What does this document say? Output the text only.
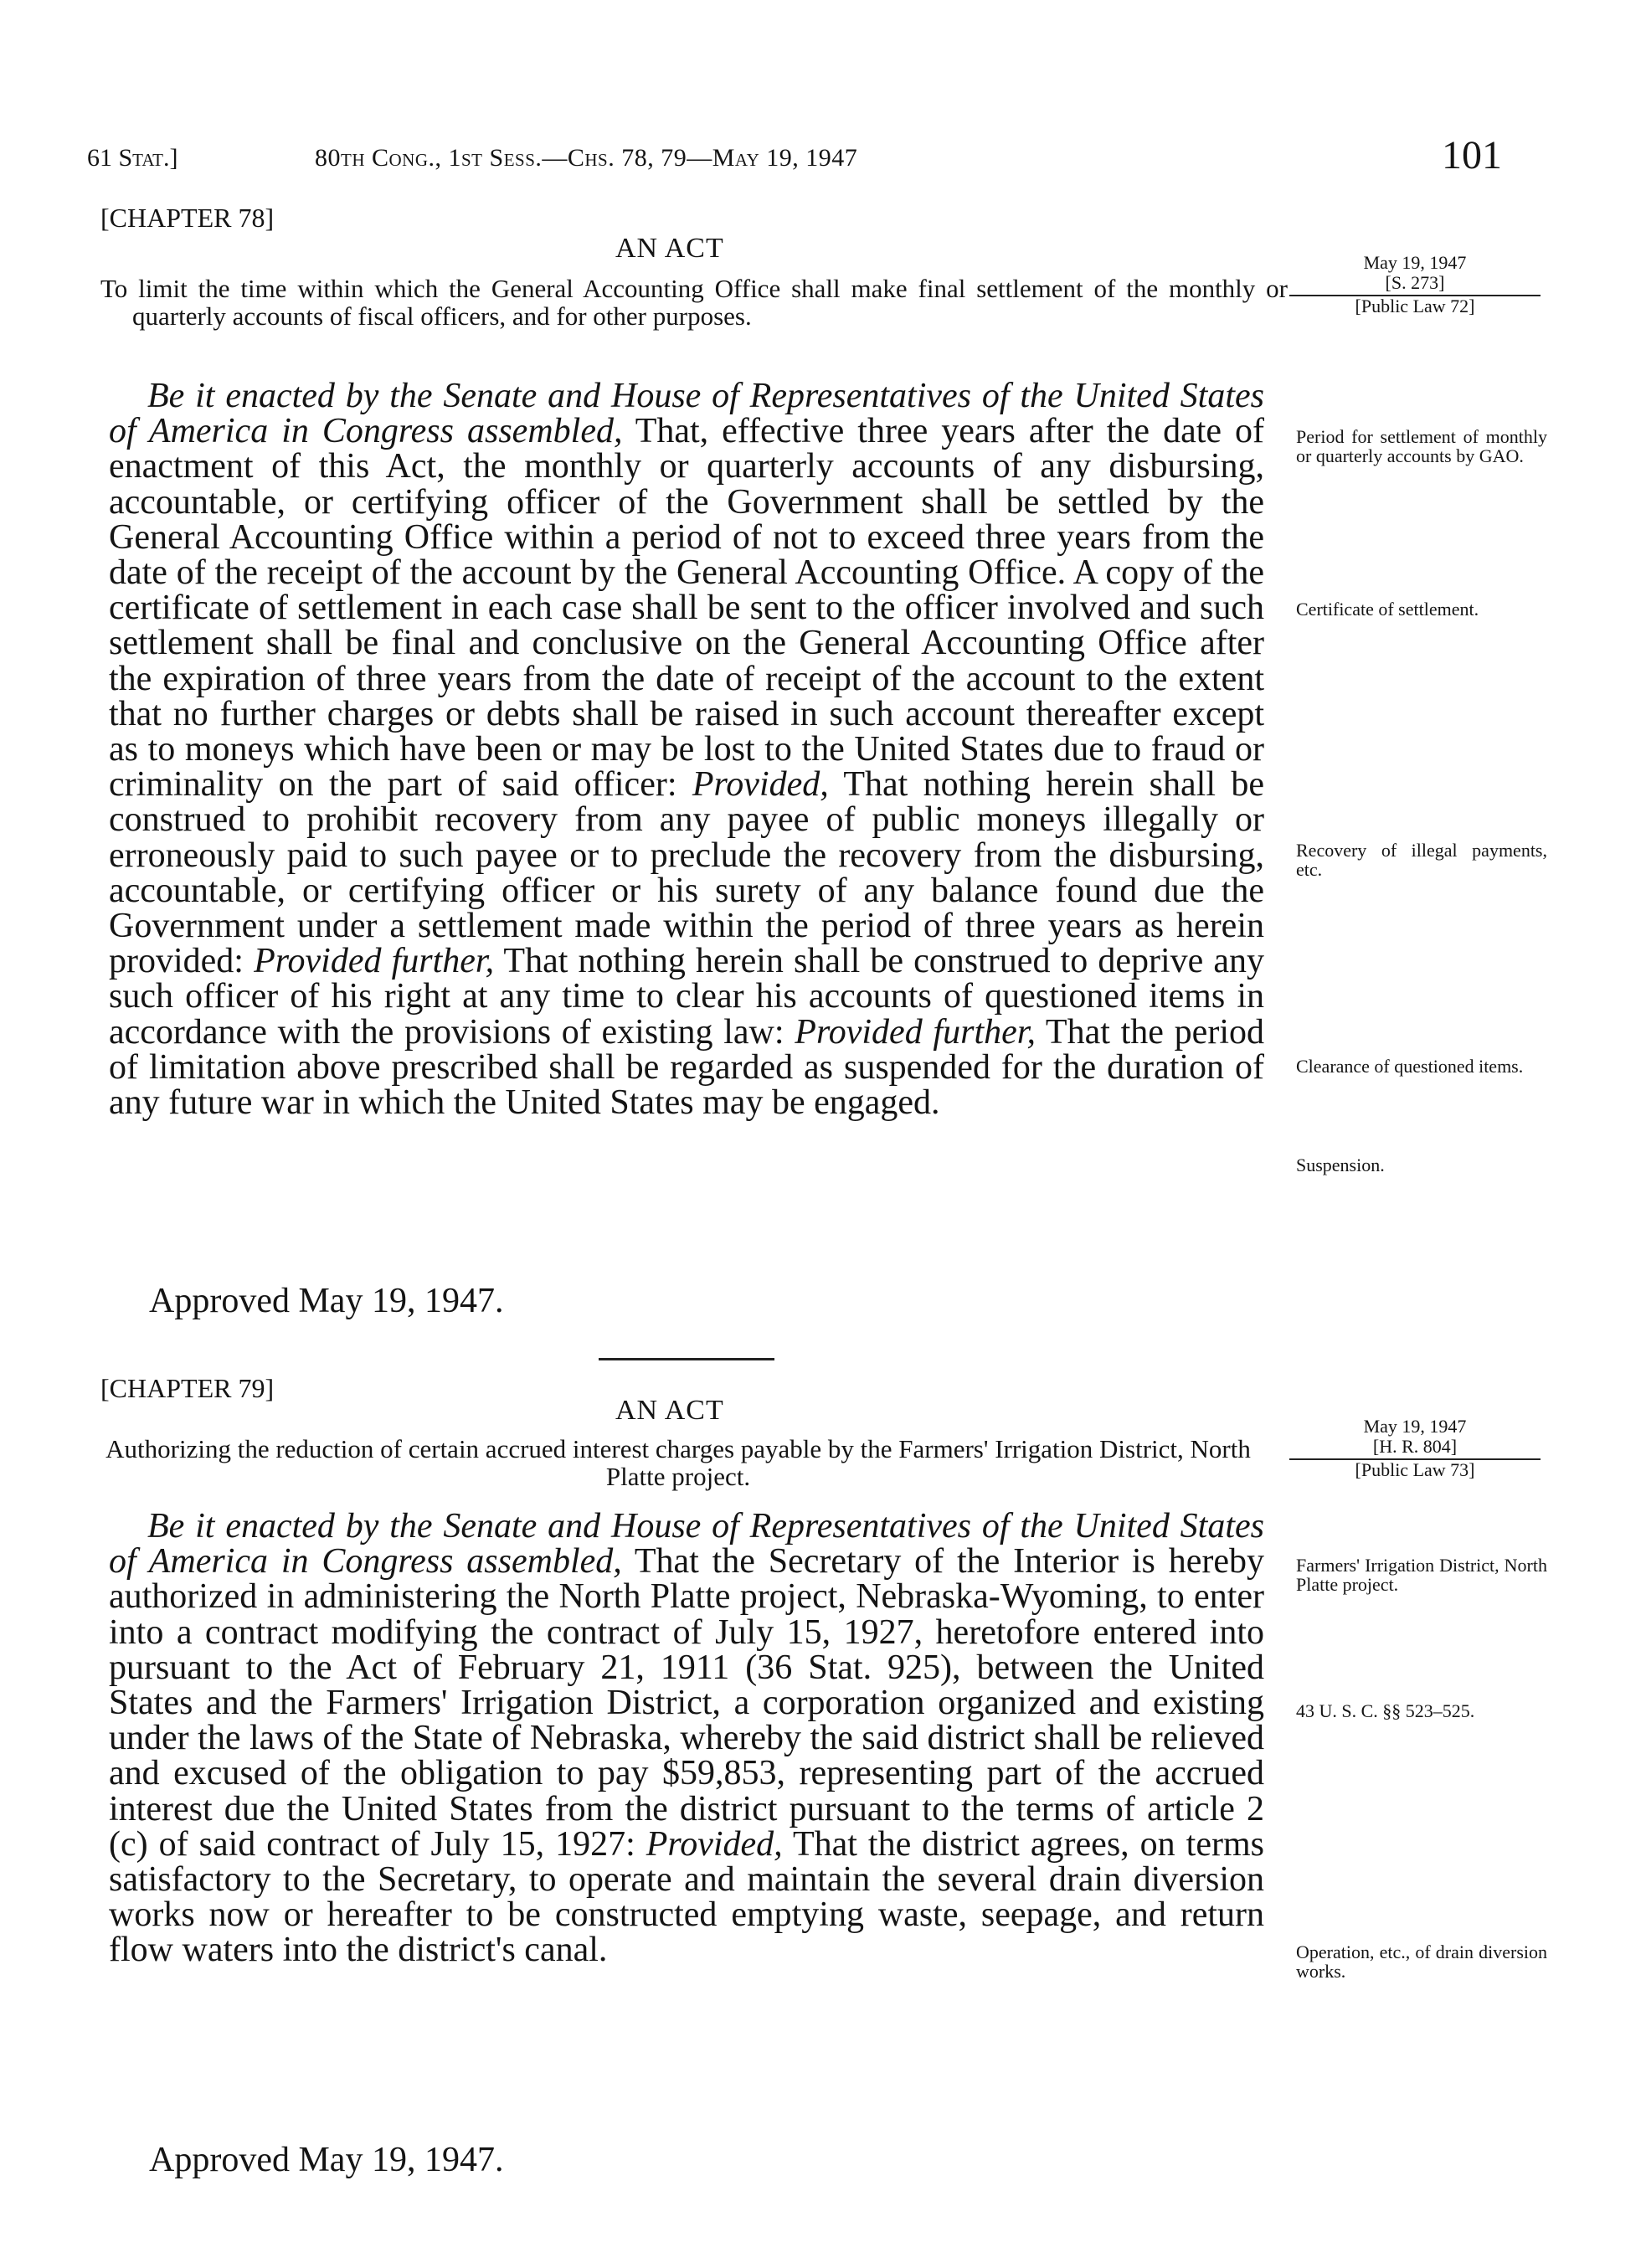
61 Stat.]	80th Cong., 1st Sess.—Chs. 78, 79—May 19, 1947	101
[CHAPTER 78]
AN ACT	May 19, 1947
[S. 273]
[Public Law 72]
To limit the time within which the General Accounting Office shall make final settlement of the monthly or quarterly accounts of fiscal officers, and for other purposes.
Be it enacted by the Senate and House of Representatives of the United States of America in Congress assembled, That, effective three years after the date of enactment of this Act, the monthly or quarterly accounts of any disbursing, accountable, or certifying officer of the Government shall be settled by the General Accounting Office within a period of not to exceed three years from the date of the receipt of the account by the General Accounting Office. A copy of the certificate of settlement in each case shall be sent to the officer involved and such settlement shall be final and conclusive on the General Accounting Office after the expiration of three years from the date of receipt of the account to the extent that no further charges or debts shall be raised in such account thereafter except as to moneys which have been or may be lost to the United States due to fraud or criminality on the part of said officer: Provided, That nothing herein shall be construed to prohibit recovery from any payee of public moneys illegally or erroneously paid to such payee or to preclude the recovery from the disbursing, accountable, or certifying officer or his surety of any balance found due the Government under a settlement made within the period of three years as herein provided: Provided further, That nothing herein shall be construed to deprive any such officer of his right at any time to clear his accounts of questioned items in accordance with the provisions of existing law: Provided further, That the period of limitation above prescribed shall be regarded as suspended for the duration of any future war in which the United States may be engaged.
Approved May 19, 1947.
Period for settlement of monthly or quarterly accounts by GAO.
Certificate of settlement.
Recovery of illegal payments, etc.
Clearance of questioned items.
Suspension.
[CHAPTER 79]
AN ACT
May 19, 1947
[H. R. 804]
[Public Law 73]
Authorizing the reduction of certain accrued interest charges payable by the Farmers' Irrigation District, North Platte project.
Be it enacted by the Senate and House of Representatives of the United States of America in Congress assembled, That the Secretary of the Interior is hereby authorized in administering the North Platte project, Nebraska-Wyoming, to enter into a contract modifying the contract of July 15, 1927, heretofore entered into pursuant to the Act of February 21, 1911 (36 Stat. 925), between the United States and the Farmers' Irrigation District, a corporation organized and existing under the laws of the State of Nebraska, whereby the said district shall be relieved and excused of the obligation to pay $59,853, representing part of the accrued interest due the United States from the district pursuant to the terms of article 2 (c) of said contract of July 15, 1927: Provided, That the district agrees, on terms satisfactory to the Secretary, to operate and maintain the several drain diversion works now or hereafter to be constructed emptying waste, seepage, and return flow waters into the district's canal.
Approved May 19, 1947.
Farmers' Irrigation District, North Platte project.
43 U. S. C. §§ 523–525.
Operation, etc., of drain diversion works.
